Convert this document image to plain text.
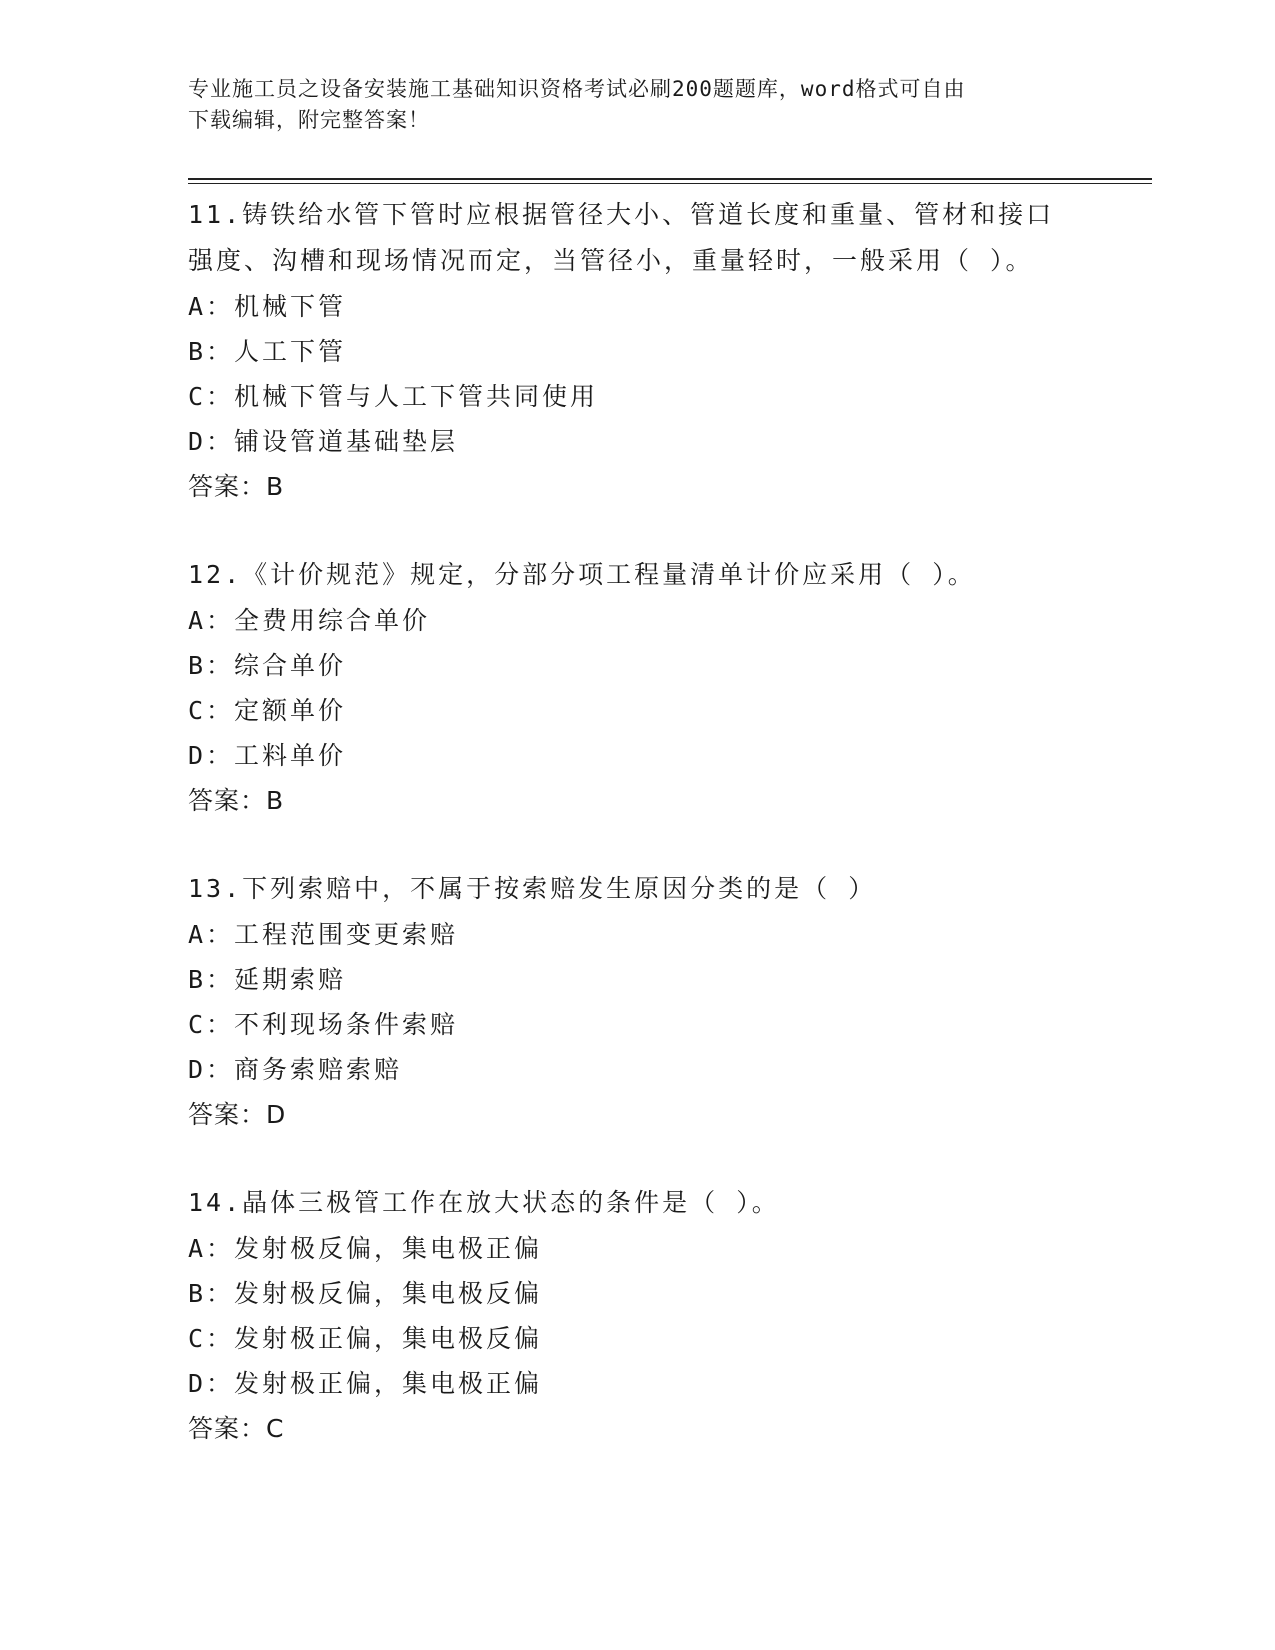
专业施工员之设备安装施工基础知识资格考试必刷200题题库，word格式可自由
下载编辑，附完整答案！
11.铸铁给水管下管时应根据管径大小、管道长度和重量、管材和接口
强度、沟槽和现场情况而定，当管径小，重量轻时，一般采用（ ）。
A：机械下管
B：人工下管
C：机械下管与人工下管共同使用
D：铺设管道基础垫层
答案：B
12.《计价规范》规定，分部分项工程量清单计价应采用（ ）。
A：全费用综合单价
B：综合单价
C：定额单价
D：工料单价
答案：B
13.下列索赔中，不属于按索赔发生原因分类的是（ ）
A：工程范围变更索赔
B：延期索赔
C：不利现场条件索赔
D：商务索赔索赔
答案：D
14.晶体三极管工作在放大状态的条件是（ ）。
A：发射极反偏，集电极正偏
B：发射极反偏，集电极反偏
C：发射极正偏，集电极反偏
D：发射极正偏，集电极正偏
答案：C
